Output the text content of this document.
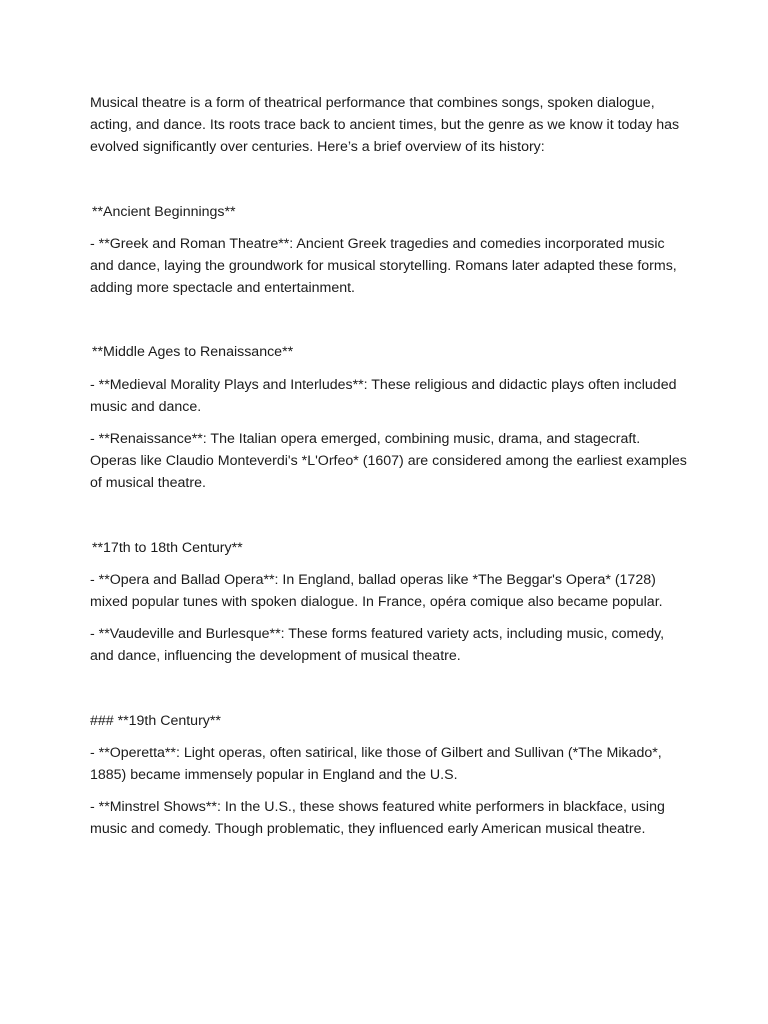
Musical theatre is a form of theatrical performance that combines songs, spoken dialogue, acting, and dance. Its roots trace back to ancient times, but the genre as we know it today has evolved significantly over centuries. Here’s a brief overview of its history:

**Ancient Beginnings**

- **Greek and Roman Theatre**: Ancient Greek tragedies and comedies incorporated music and dance, laying the groundwork for musical storytelling. Romans later adapted these forms, adding more spectacle and entertainment.

**Middle Ages to Renaissance**

- **Medieval Morality Plays and Interludes**: These religious and didactic plays often included music and dance.

- **Renaissance**: The Italian opera emerged, combining music, drama, and stagecraft. Operas like Claudio Monteverdi's *L'Orfeo* (1607) are considered among the earliest examples of musical theatre.

**17th to 18th Century**

- **Opera and Ballad Opera**: In England, ballad operas like *The Beggar's Opera* (1728) mixed popular tunes with spoken dialogue. In France, opéra comique also became popular.

- **Vaudeville and Burlesque**: These forms featured variety acts, including music, comedy, and dance, influencing the development of musical theatre.

### **19th Century**

- **Operetta**: Light operas, often satirical, like those of Gilbert and Sullivan (*The Mikado*, 1885) became immensely popular in England and the U.S.

- **Minstrel Shows**: In the U.S., these shows featured white performers in blackface, using music and comedy. Though problematic, they influenced early American musical theatre.
